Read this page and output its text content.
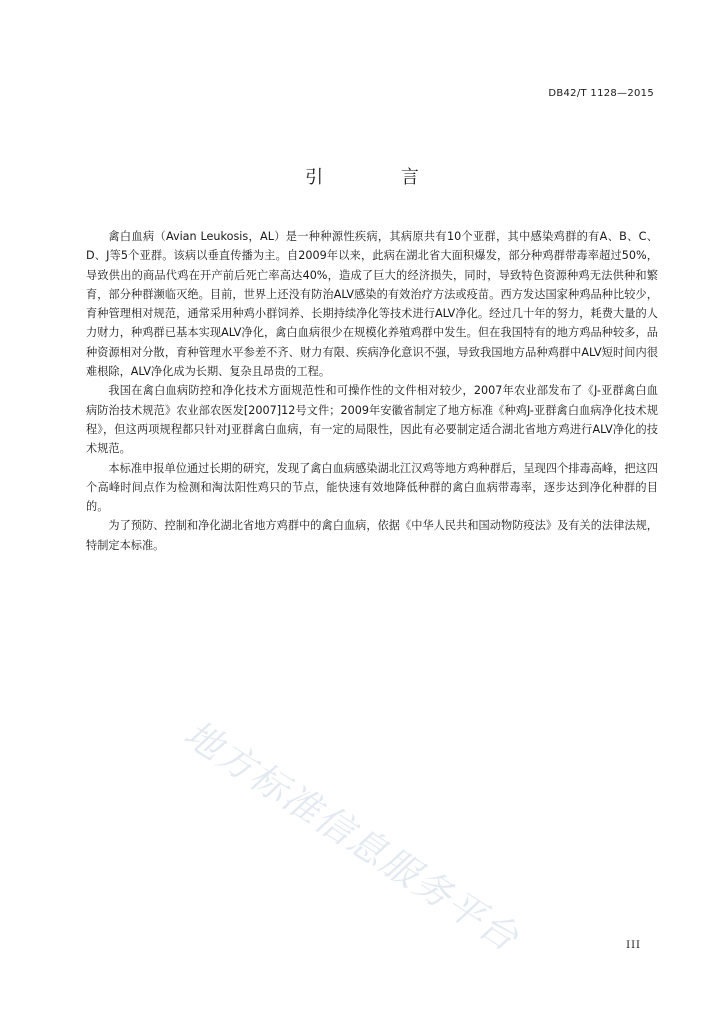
DB42/T 1128—2015
引 言

禽白血病（Avian Leukosis，AL）是一种种源性疾病，其病原共有10个亚群，其中感染鸡群的有A、B、C、D、J等5个亚群。该病以垂直传播为主。自2009年以来，此病在湖北省大面积爆发，部分种鸡群带毒率超过50%，导致供出的商品代鸡在开产前后死亡率高达40%，造成了巨大的经济损失，同时，导致特色资源种鸡无法供种和繁育，部分种群濒临灭绝。目前，世界上还没有防治ALV感染的有效治疗方法或疫苗。西方发达国家种鸡品种比较少，育种管理相对规范，通常采用种鸡小群饲养、长期持续净化等技术进行ALV净化。经过几十年的努力，耗费大量的人力财力，种鸡群已基本实现ALV净化，禽白血病很少在规模化养殖鸡群中发生。但在我国特有的地方鸡品种较多，品种资源相对分散，育种管理水平参差不齐、财力有限、疾病净化意识不强，导致我国地方品种鸡群中ALV短时间内很难根除，ALV净化成为长期、复杂且昂贵的工程。

我国在禽白血病防控和净化技术方面规范性和可操作性的文件相对较少，2007年农业部发布了《J-亚群禽白血病防治技术规范》农业部农医发[2007]12号文件；2009年安徽省制定了地方标准《种鸡J-亚群禽白血病净化技术规程》，但这两项规程都只针对J亚群禽白血病，有一定的局限性，因此有必要制定适合湖北省地方鸡进行ALV净化的技术规范。

本标准申报单位通过长期的研究，发现了禽白血病感染湖北江汉鸡等地方鸡种群后，呈现四个排毒高峰，把这四个高峰时间点作为检测和淘汰阳性鸡只的节点，能快速有效地降低种群的禽白血病带毒率，逐步达到净化种群的目的。

为了预防、控制和净化湖北省地方鸡群中的禽白血病，依据《中华人民共和国动物防疫法》及有关的法律法规，特制定本标准。

地方标准信息服务平台	III
